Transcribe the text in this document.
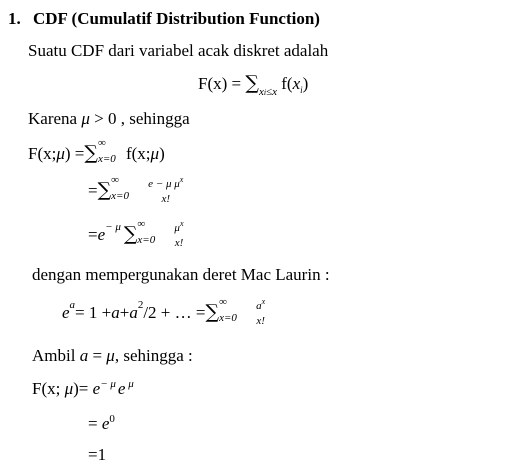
1. CDF (Cumulatif Distribution Function)
Suatu CDF dari variabel acak diskret adalah
$F(x) = \sum_{xi\le x}$ $f(x_i)$
Karena μ > 0 , sehingga
F(x; μ ) = ∑ ∞
x=0 f(x; μ )
= ∑ ∞
x=0
e − μ $\mu^x$
x!
= e − μ ∑ ∞
x=0
$\mu^x$
x!
dengan mempergunakan deret Mac Laurin :
e a = 1 + a + a 2 /2 + … = ∑ ∞
x=0
$a^x$
x!
Ambil a = μ, sehingga :
F(x; $\mu)= e^{- \mu}$ e $^\mu$
= $e^0$
=1
